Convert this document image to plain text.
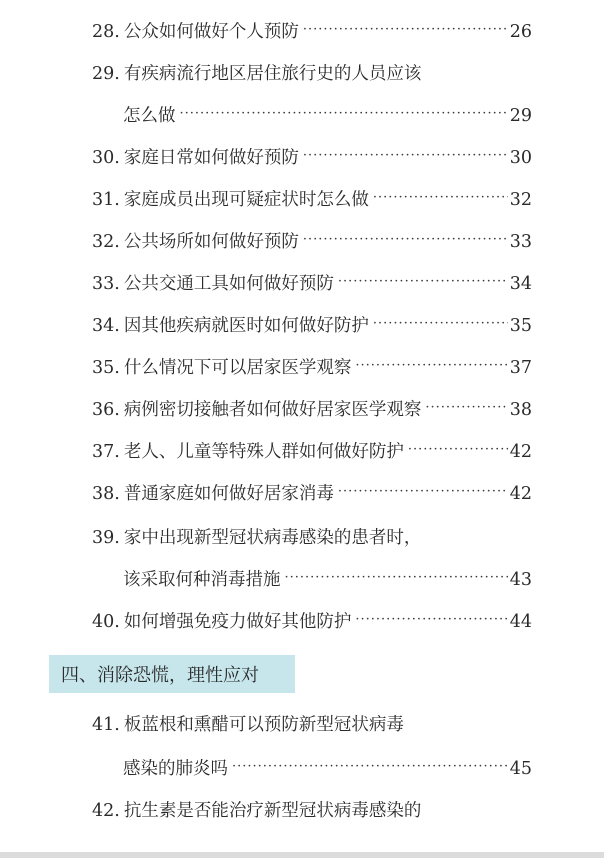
28. 公众如何做好个人预防 ·····	26
29. 有疾病流行地区居住旅行史的人员应该
怎么做 ·····	29
30. 家庭日常如何做好预防 ·····	30
31. 家庭成员出现可疑症状时怎么做 ·····	32
32. 公共场所如何做好预防 ·····	33
33. 公共交通工具如何做好预防 ·····	34
34. 因其他疾病就医时如何做好防护 ·····	35
35. 什么情况下可以居家医学观察 ·····	37
36. 病例密切接触者如何做好居家医学观察 ·····	38
37. 老人、儿童等特殊人群如何做好防护 ·····	42
38. 普通家庭如何做好居家消毒 ·····	42
39. 家中出现新型冠状病毒感染的患者时，
该采取何种消毒措施 ·····	43
40. 如何增强免疫力做好其他防护 ·····	44
四、消除恐慌，理性应对
41. 板蓝根和熏醋可以预防新型冠状病毒
感染的肺炎吗 ·····	45
42. 抗生素是否能治疗新型冠状病毒感染的
